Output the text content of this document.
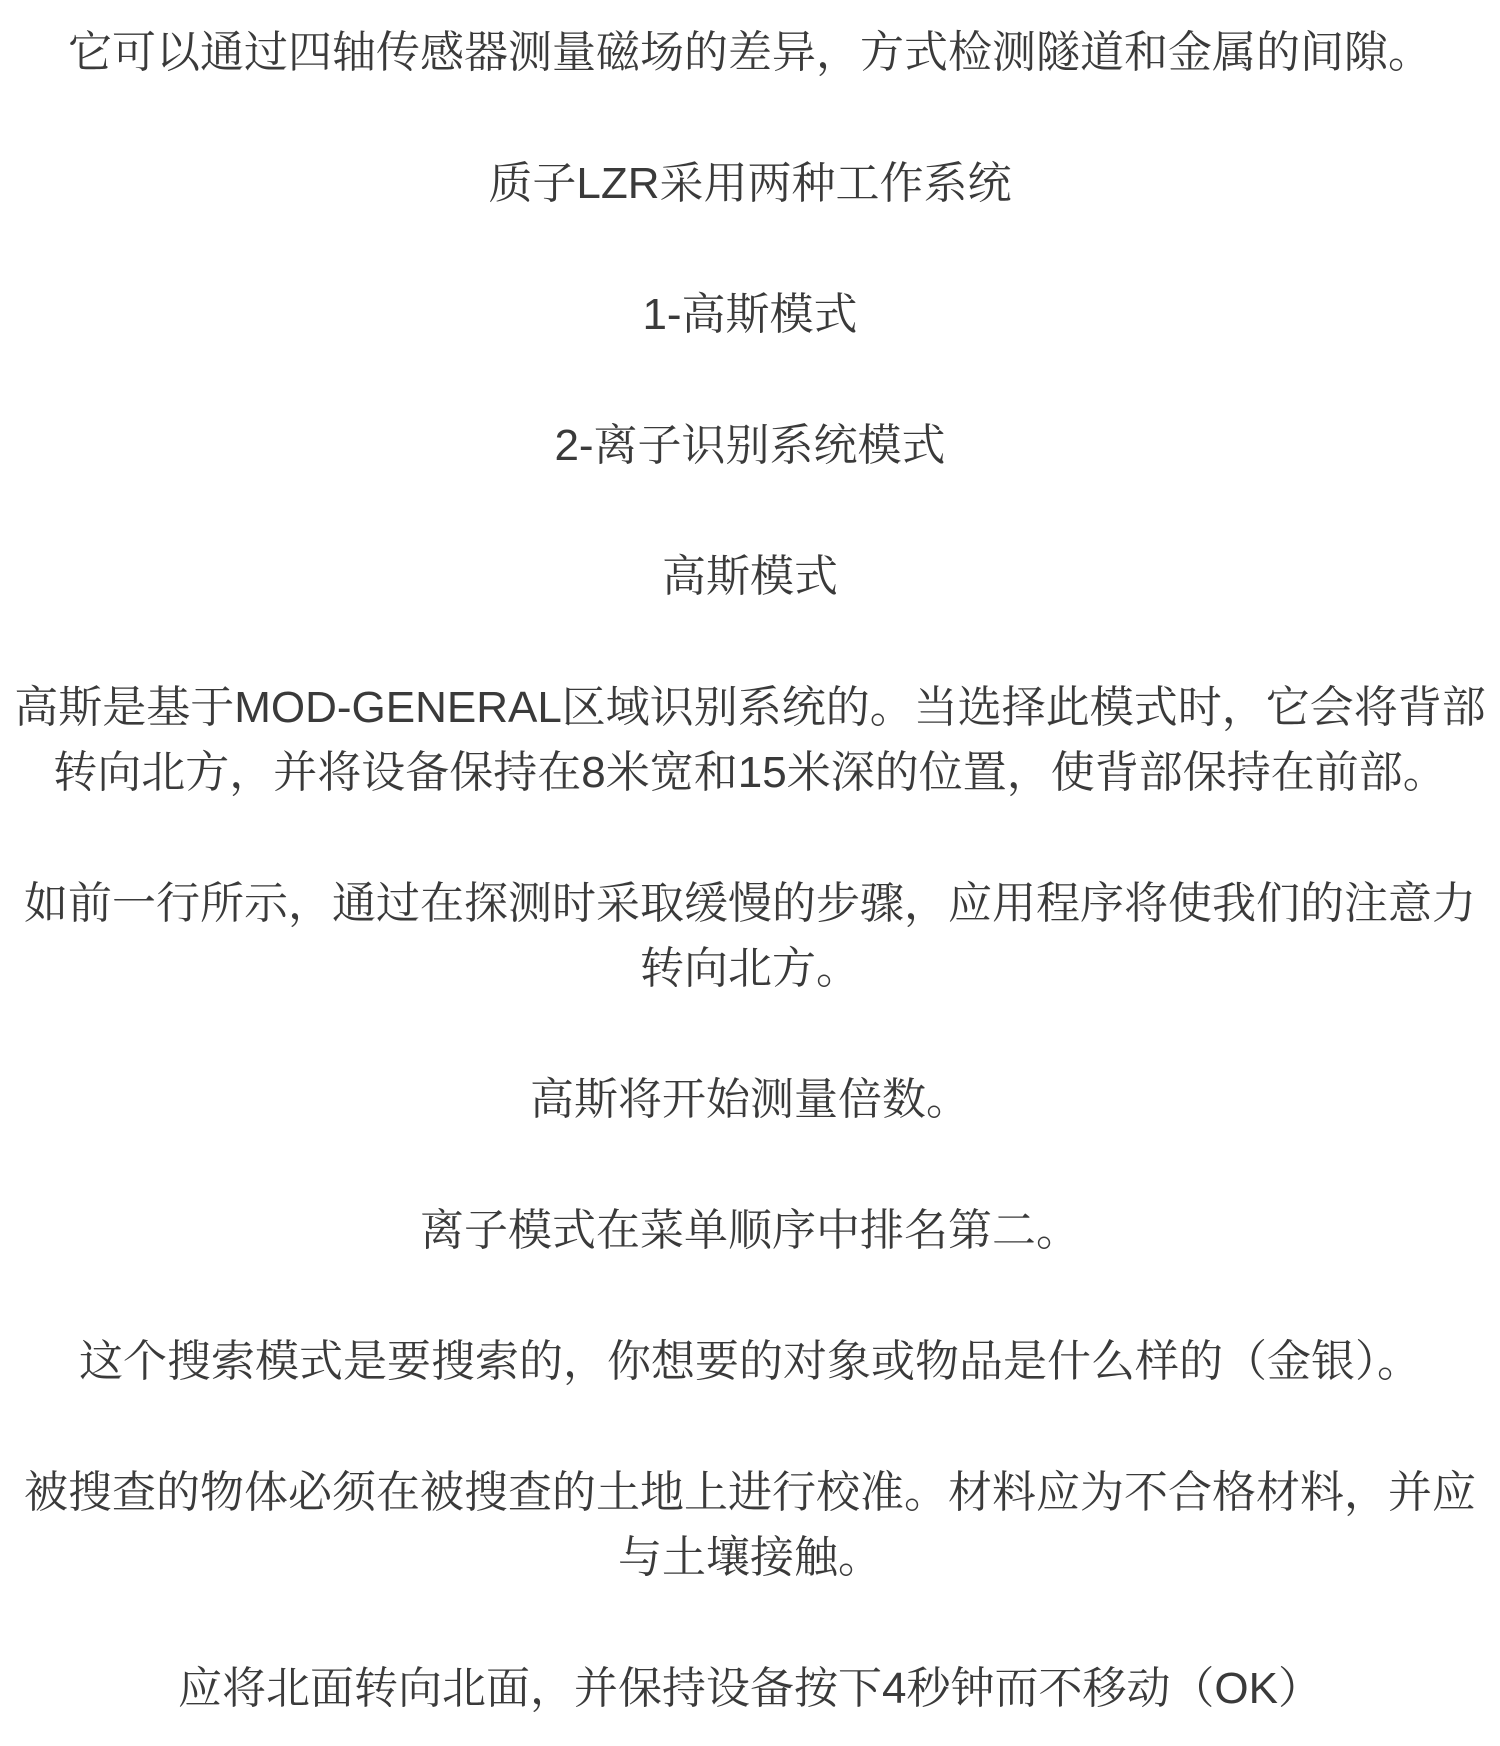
它可以通过四轴传感器测量磁场的差异，方式检测隧道和金属的间隙。

质子LZR采用两种工作系统

1-高斯模式

2-离子识别系统模式

高斯模式

高斯是基于MOD-GENERAL区域识别系统的。当选择此模式时，它会将背部转向北方，并将设备保持在8米宽和15米深的位置，使背部保持在前部。

如前一行所示，通过在探测时采取缓慢的步骤，应用程序将使我们的注意力转向北方。

高斯将开始测量倍数。

离子模式在菜单顺序中排名第二。

这个搜索模式是要搜索的，你想要的对象或物品是什么样的（金银）。

被搜查的物体必须在被搜查的土地上进行校准。材料应为不合格材料，并应与土壤接触。

应将北面转向北面，并保持设备按下4秒钟而不移动（OK）
